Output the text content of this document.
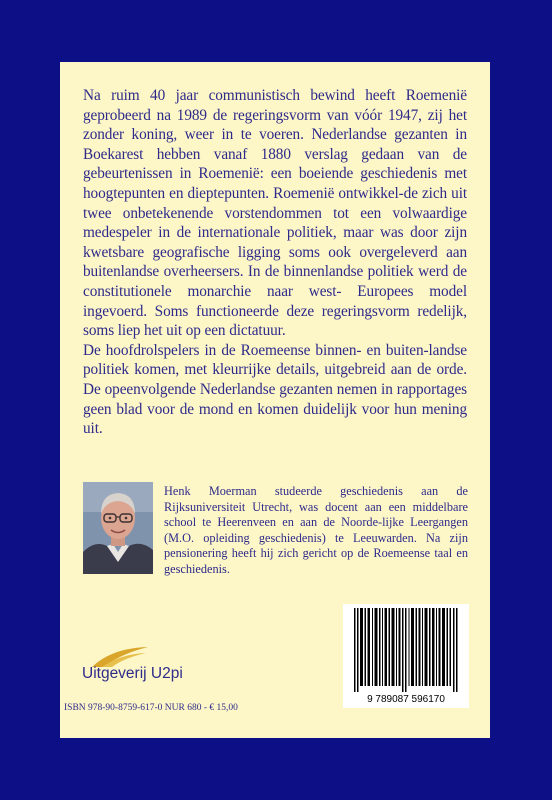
Na ruim 40 jaar communistisch bewind heeft Roemenië geprobeerd na 1989 de regeringsvorm van vóór 1947, zij het zonder koning, weer in te voeren. Nederlandse gezanten in Boekarest hebben vanaf 1880 verslag gedaan van de gebeurtenissen in Roemenië: een boeiende geschiedenis met hoogtepunten en dieptepunten. Roemenië ontwikkel-de zich uit twee onbetekenende vorstendommen tot een volwaardige medespeler in de internationale politiek, maar was door zijn kwetsbare geografische ligging soms ook overgeleverd aan buitenlandse overheersers. In de binnenlandse politiek werd de constitutionele monarchie naar west- Europees model ingevoerd. Soms functioneerde deze regeringsvorm redelijk, soms liep het uit op een dictatuur.

De hoofdrolspelers in de Roemeense binnen- en buiten-landse politiek komen, met kleurrijke details, uitgebreid aan de orde. De opeenvolgende Nederlandse gezanten nemen in rapportages geen blad voor de mond en komen duidelijk voor hun mening uit.

Henk Moerman studeerde geschiedenis aan de Rijksuniversiteit Utrecht, was docent aan een middelbare school te Heerenveen en aan de Noorde-lijke Leergangen (M.O. opleiding geschiedenis) te Leeuwarden. Na zijn pensionering heeft hij zich gericht op de Roemeense taal en geschiedenis.

Uitgeverij U2pi
9 789087 596170
ISBN 978-90-8759-617-0 NUR 680 - € 15,00
